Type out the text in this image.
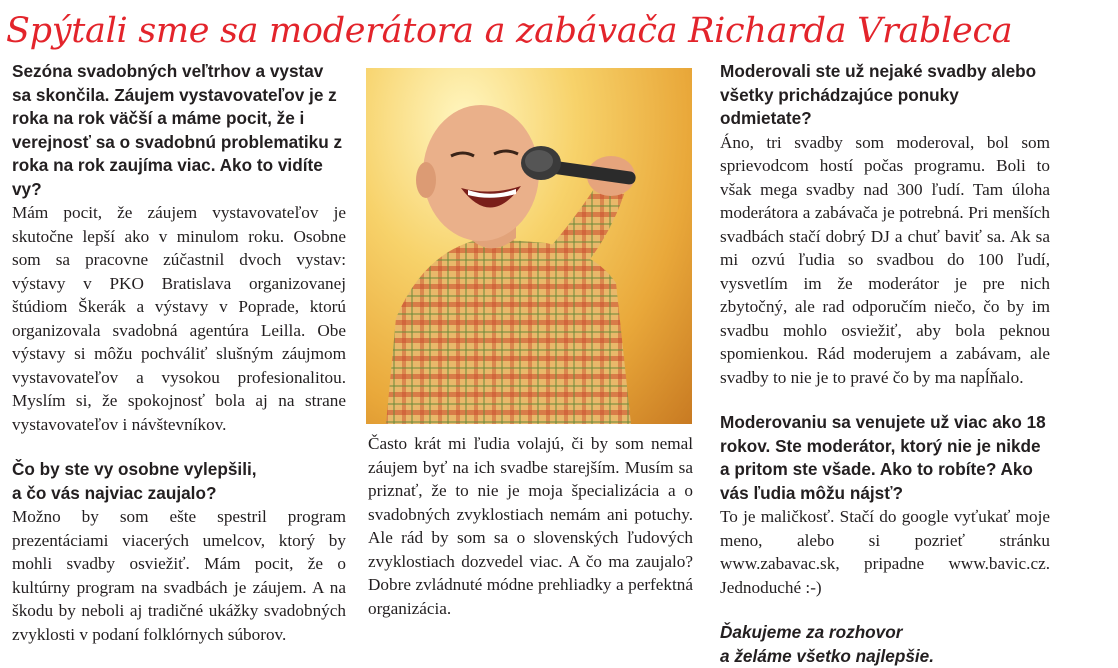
Spýtali sme sa moderátora a zabávača Richarda Vrableca

Sezóna svadobných veľtrhov a vystav sa skončila. Záujem vystavovateľov je z roka na rok väčší a máme pocit, že i verejnosť sa o svadobnú problematiku z roka na rok zaujíma viac. Ako to vidíte vy?

Mám pocit, že záujem vystavovateľov je skutočne lepší ako v minulom roku. Osobne som sa pracovne zúčastnil dvoch vystav: výstavy v PKO Bratislava organizovanej štúdiom Škerák a výstavy v Poprade, ktorú organizovala svadobná agentúra Leilla. Obe výstavy si môžu pochváliť slušným záujmom vystavovateľov a vysokou profesionalitou. Myslím si, že spokojnosť bola aj na strane vystavovateľov i návštevníkov.

Čo by ste vy osobne vylepšili,

a čo vás najviac zaujalo?

Možno by som ešte spestril program prezentáciami viacerých umelcov, ktorý by mohli svadby osviežiť. Mám pocit, že o kultúrny program na svadbách je záujem. A na škodu by neboli aj tradičné ukážky svadobných zvyklosti v podaní folklórnych súborov.

Často krát mi ľudia volajú, či by som nemal záujem byť na ich svadbe starejším. Musím sa priznať, že to nie je moja špecializácia a o svadobných zvyklostiach nemám ani potuchy. Ale rád by som sa o slovenských ľudových zvyklostiach dozvedel viac. A čo ma zaujalo? Dobre zvládnuté módne prehliadky a perfektná organizácia.

Moderovali ste už nejaké svadby alebo všetky prichádzajúce ponuky odmietate?

Áno, tri svadby som moderoval, bol som sprievodcom hostí počas programu. Boli to však mega svadby nad 300 ľudí. Tam úloha moderátora a zabávača je potrebná. Pri menších svadbách stačí dobrý DJ a chuť baviť sa. Ak sa mi ozvú ľudia so svadbou do 100 ľudí, vysvetlím im že moderátor je pre nich zbytočný, ale rad odporučím niečo, čo by im svadbu mohlo osviežiť, aby bola peknou spomienkou. Rád moderujem a zabávam, ale svadby to nie je to pravé čo by ma napĺňalo.

Moderovaniu sa venujete už viac ako 18 rokov. Ste moderátor, ktorý nie je nikde a pritom ste všade. Ako to robíte? Ako vás ľudia môžu nájsť?

To je maličkosť. Stačí do google vyťukať moje meno, alebo si pozrieť stránku www.zabavac.sk, pripadne www.bavic.cz. Jednoduché :-)

Ďakujeme za rozhovor

a želáme všetko najlepšie.
